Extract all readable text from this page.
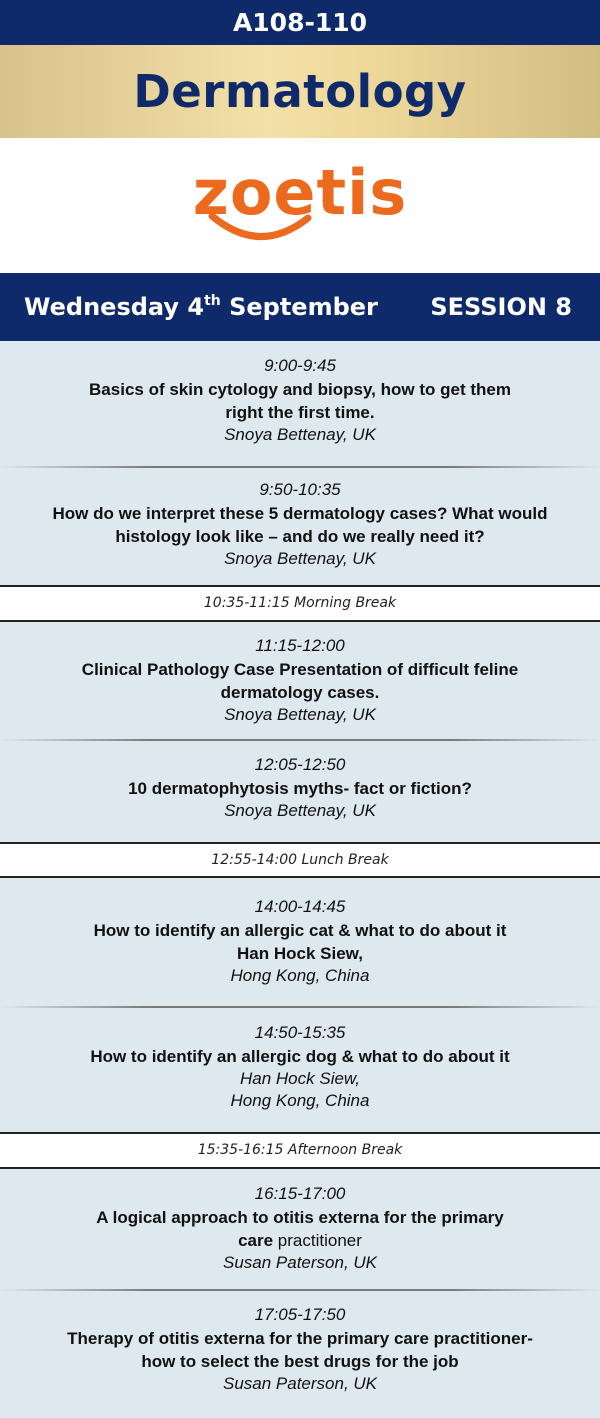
A108-110
Dermatology
zoetis
Wednesday 4th September SESSION 8
9:00-9:45
Basics of skin cytology and biopsy, how to get them right the first time.
Snoya Bettenay, UK
9:50-10:35
How do we interpret these 5 dermatology cases? What would histology look like – and do we really need it?
Snoya Bettenay, UK
10:35-11:15 Morning Break
11:15-12:00
Clinical Pathology Case Presentation of difficult feline dermatology cases.
Snoya Bettenay, UK
12:05-12:50
10 dermatophytosis myths- fact or fiction?
Snoya Bettenay, UK
12:55-14:00 Lunch Break
14:00-14:45
How to identify an allergic cat & what to do about it
Han Hock Siew,
Hong Kong, China
14:50-15:35
How to identify an allergic dog & what to do about it
Han Hock Siew,
Hong Kong, China
15:35-16:15 Afternoon Break
16:15-17:00
A logical approach to otitis externa for the primary
care practitioner
Susan Paterson, UK
17:05-17:50
Therapy of otitis externa for the primary care practitioner-
how to select the best drugs for the job
Susan Paterson, UK
